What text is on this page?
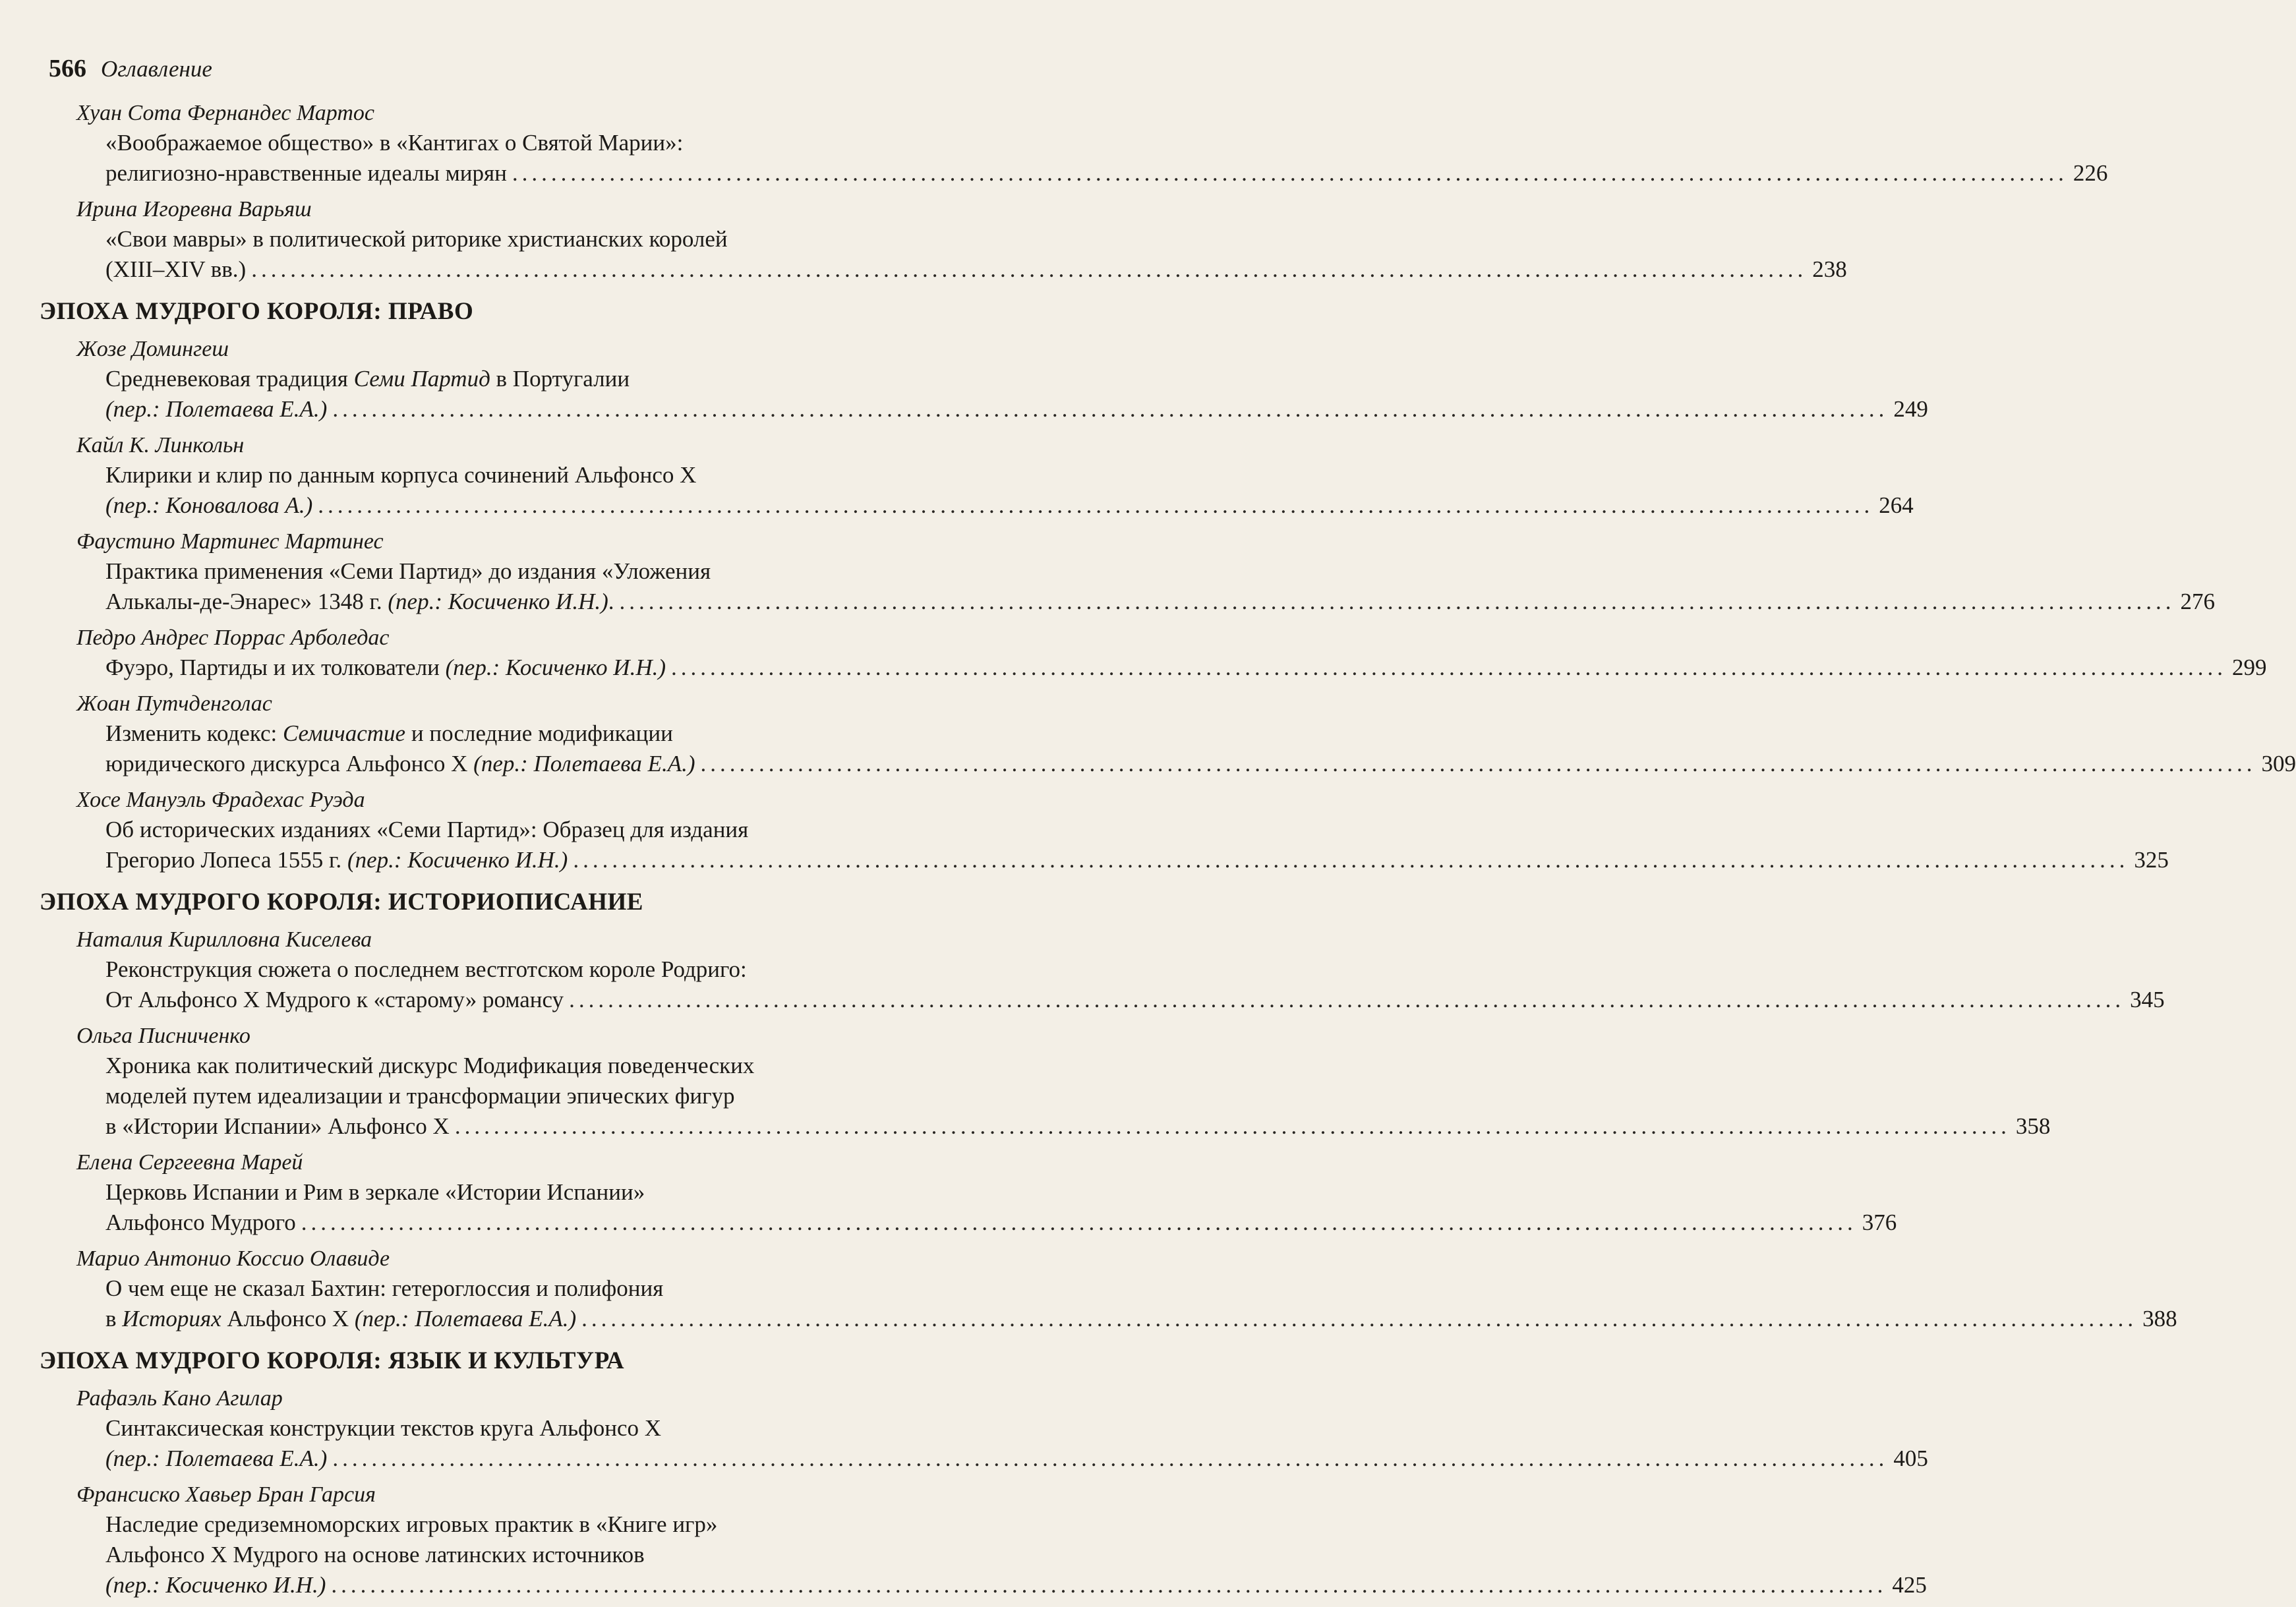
566 Оглавление
Хуан Сота Фернандес Мартос
«Воображаемое общество» в «Кантигах о Святой Марии»:
религиозно-нравственные идеалы мирян ................................................................................................................................................................ 226
Ирина Игоревна Варьяш
«Свои мавры» в политической риторике христианских королей
(XIII–XIV вв.) ................................................................................................................................................................ 238
ЭПОХА МУДРОГО КОРОЛЯ: ПРАВО
Жозе Домингеш
Средневековая традиция Семи Партид в Португалии
(пер.: Полетаева Е.А.) ................................................................................................................................................................ 249
Кайл К. Линкольн
Клирики и клир по данным корпуса сочинений Альфонсо X
(пер.: Коновалова А.) ................................................................................................................................................................ 264
Фаустино Мартинес Мартинес
Практика применения «Семи Партид» до издания «Уложения
Алькалы-де-Энарес» 1348 г. (пер.: Косиченко И.Н.). ................................................................................................................................................................ 276
Педро Андрес Поррас Арболедас
Фуэро, Партиды и их толкователи (пер.: Косиченко И.Н.) ................................................................................................................................................................ 299
Жоан Путчденголас
Изменить кодекс: Семичастие и последние модификации
юридического дискурса Альфонсо X (пер.: Полетаева Е.А.) ................................................................................................................................................................ 309
Хосе Мануэль Фрадехас Руэда
Об исторических изданиях «Семи Партид»: Образец для издания
Грегорио Лопеса 1555 г. (пер.: Косиченко И.Н.) ................................................................................................................................................................ 325
ЭПОХА МУДРОГО КОРОЛЯ: ИСТОРИОПИСАНИЕ
Наталия Кирилловна Киселева
Реконструкция сюжета о последнем вестготском короле Родриго:
От Альфонсо X Мудрого к «старому» романсу ................................................................................................................................................................ 345
Ольга Писниченко
Хроника как политический дискурс Модификация поведенческих
моделей путем идеализации и трансформации эпических фигур
в «Истории Испании» Альфонсо X ................................................................................................................................................................ 358
Елена Сергеевна Марей
Церковь Испании и Рим в зеркале «Истории Испании»
Альфонсо Мудрого ................................................................................................................................................................ 376
Марио Антонио Коссио Олавиде
О чем еще не сказал Бахтин: гетероглоссия и полифония
в Историях Альфонсо X (пер.: Полетаева Е.А.) ................................................................................................................................................................ 388
ЭПОХА МУДРОГО КОРОЛЯ: ЯЗЫК И КУЛЬТУРА
Рафаэль Кано Агилар
Синтаксическая конструкции текстов круга Альфонсо X
(пер.: Полетаева Е.А.) ................................................................................................................................................................ 405
Франсиско Хавьер Бран Гарсия
Наследие средиземноморских игровых практик в «Книге игр»
Альфонсо X Мудрого на основе латинских источников
(пер.: Косиченко И.Н.) ................................................................................................................................................................ 425
